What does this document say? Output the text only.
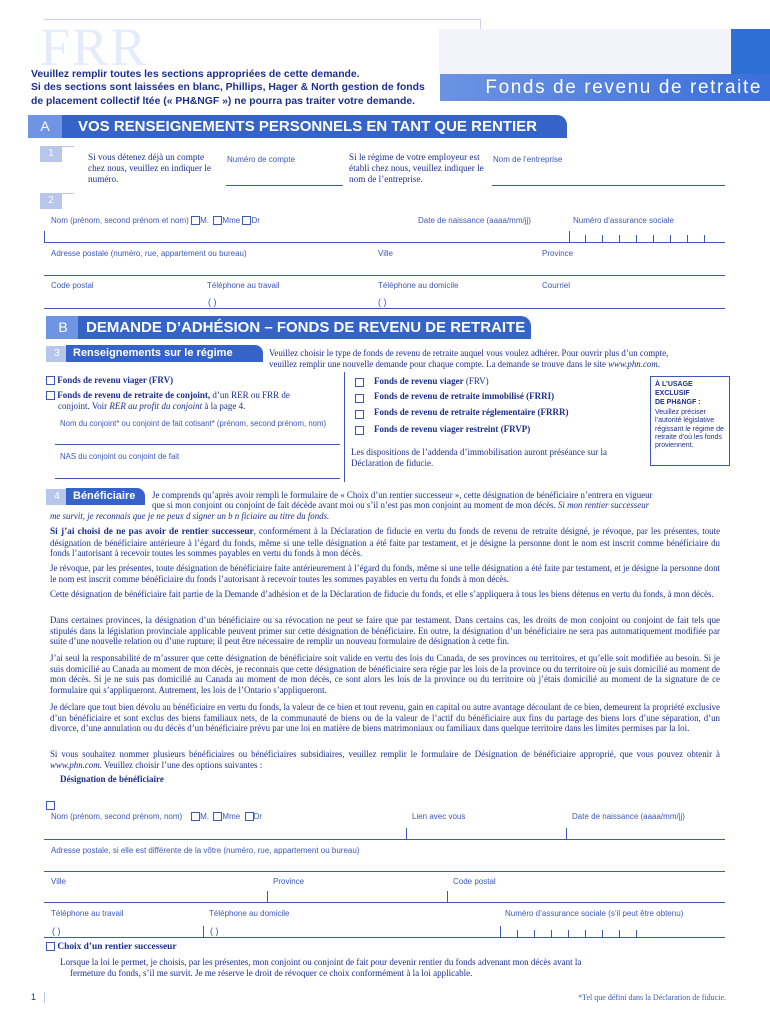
FRR
Fonds de revenu de retraite
Veuillez remplir toutes les sections appropriées de cette demande.
Si des sections sont laissées en blanc, Phillips, Hager & North gestion de fonds
de placement collectif ltée (« PH&NGF ») ne pourra pas traiter votre demande.
A	VOS RENSEIGNEMENTS PERSONNELS EN TANT QUE RENTIER
1	Si vous détenez déjà un compte chez nous, veuillez en indiquer le numéro.
Numéro de compte	Si le régime de votre employeur est établi chez nous, veuillez indiquer le nom de l’entreprise.
Nom de l’entreprise
2
Nom (prénom, second prénom et nom) M. Mme Dr	Date de naissance (aaaa/mm/jj)	Numéro d’assurance sociale
Adresse postale (numéro, rue, appartement ou bureau)	Ville	Province
Code postal	Téléphone au travail	Téléphone au domicile	Courriel
( )	( )
B	DEMANDE D’ADHÉSION – FONDS DE REVENU DE RETRAITE
3	Renseignements sur le régime	Veuillez choisir le type de fonds de revenu de retraite auquel vous voulez adhérer. Pour ouvrir plus d’un compte,
veuillez remplir une nouvelle demande pour chaque compte. La demande se trouve dans le site www.phn.com.
Fonds de revenu viager (FRV)
Fonds de revenu de retraite de conjoint, d’un RER ou FRR de
conjoint. Voir RER au profit du conjoint à la page 4.
Nom du conjoint* ou conjoint de fait cotisant* (prénom, second prénom, nom)
NAS du conjoint ou conjoint de fait
Fonds de revenu viager (FRV)
Fonds de revenu de retraite immobilisé (FRRI)
Fonds de revenu de retraite réglementaire (FRRR)
Fonds de revenu viager restreint (FRVP)
Les dispositions de l’addenda d’immobilisation auront préséance sur la
Déclaration de fiducie.
À L’USAGE
EXCLUSIF
DE PH&NGF :
Veuillez préciser l’autorité législative régissant le régime de retraite d’où les fonds proviennent.
4	Bénéficiaire	Je comprends qu’après avoir rempli le formulaire de « Choix d’un rentier successeur », cette désignation de bénéficiaire n’entrera en vigueur
que si mon conjoint ou conjoint de fait décède avant moi ou s’il n’est pas mon conjoint au moment de mon décès. Si mon rentier successeur
me survit, je reconnais que je ne peux d signer un b n ficiaire au titre du fonds.
Si j’ai choisi de ne pas avoir de rentier successeur, conformément à la Déclaration de fiducie en vertu du fonds de revenu de retraite désigné, je révoque, par les présentes, toute désignation de bénéficiaire antérieure à l’égard du fonds, même si une telle désignation a été faite par testament, et je désigne la personne dont le nom est inscrit comme bénéficiaire du fonds l’autorisant à recevoir toutes les sommes payables en vertu du fonds à mon décès.
Je révoque, par les présentes, toute désignation de bénéficiaire faite antérieurement à l’égard du fonds, même si une telle désignation a été faite par testament, et je désigne la personne dont le nom est inscrit comme bénéficiaire du fonds l’autorisant à recevoir toutes les sommes payables en vertu du fonds à mon décès.
Cette désignation de bénéficiaire fait partie de la Demande d’adhésion et de la Déclaration de fiducie du fonds, et elle s’appliquera à tous les biens détenus en vertu du fonds, à mon décès.
Dans certaines provinces, la désignation d’un bénéficiaire ou sa révocation ne peut se faire que par testament. Dans certains cas, les droits de mon conjoint ou conjoint de fait tels que stipulés dans la législation provinciale applicable peuvent primer sur cette désignation de bénéficiaire. En outre, la désignation d’un bénéficiaire ne sera pas automatiquement modifiée par suite d’une nouvelle relation ou d’une rupture; il peut être nécessaire de remplir un nouveau formulaire de désignation à cette fin.
J’ai seul la responsabilité de m’assurer que cette désignation de bénéficiaire soit valide en vertu des lois du Canada, de ses provinces ou territoires, et qu’elle soit modifiée au besoin. Si je suis domicilié au Canada au moment de mon décès, je reconnais que cette désignation de bénéficiaire sera régie par les lois de la province ou du territoire où je suis domicilié au moment de mon décès. Si je ne suis pas domicilié au Canada au moment de mon décès, ce sont alors les lois de la province ou du territoire où j’étais domicilié au moment de la signature de ce formulaire qui s’appliqueront. Autrement, les lois de l’Ontario s’appliqueront.
Je déclare que tout bien dévolu au bénéficiaire en vertu du fonds, la valeur de ce bien et tout revenu, gain en capital ou autre avantage découlant de ce bien, demeurent la propriété exclusive d’un bénéficiaire et sont exclus des biens familiaux nets, de la communauté de biens ou de la valeur de l’actif du bénéficiaire aux fins du partage des biens lors d’une séparation, d’un divorce, d’une annulation ou du décès d’un bénéficiaire prévu par une loi en matière de biens matrimoniaux ou familiaux dans quelque territoire dans les limites permises par la loi.
Si vous souhaitez nommer plusieurs bénéficiaires ou bénéficiaires subsidiaires, veuillez remplir le formulaire de Désignation de bénéficiaire approprié, que vous pouvez obtenir à www.phn.com. Veuillez choisir l’une des options suivantes :
Désignation de bénéficiaire
Nom (prénom, second prénom, nom) M. Mme Dr	Lien avec vous	Date de naissance (aaaa/mm/jj)
Adresse postale, si elle est différente de la vôtre (numéro, rue, appartement ou bureau)
Ville	Province	Code postal
Téléphone au travail	Téléphone au domicile	Numéro d’assurance sociale (s’il peut être obtenu)
( )	( )
Choix d’un rentier successeur
Lorsque la loi le permet, je choisis, par les présentes, mon conjoint ou conjoint de fait pour devenir rentier du fonds advenant mon décès avant la
fermeture du fonds, s’il me survit. Je me réserve le droit de révoquer ce choix conformément à la loi applicable.
1	*Tel que défini dans la Déclaration de fiducie.
